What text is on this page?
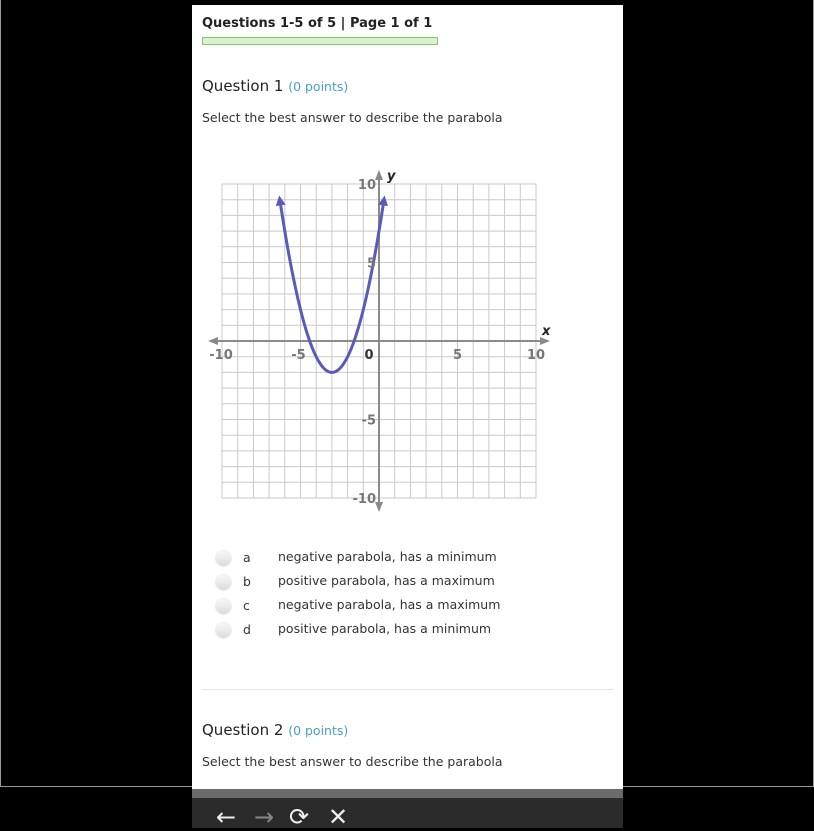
Questions 1-5 of 5 | Page 1 of 1
Question 1 (0 points)
Select the best answer to describe the parabola
x
y
-10	-5	5	10
0
10
5
-5
-10
a negative parabola, has a minimum
b positive parabola, has a maximum
c negative parabola, has a maximum
d positive parabola, has a minimum
Question 2 (0 points)
Select the best answer to describe the parabola
← → ⟳ ✕
